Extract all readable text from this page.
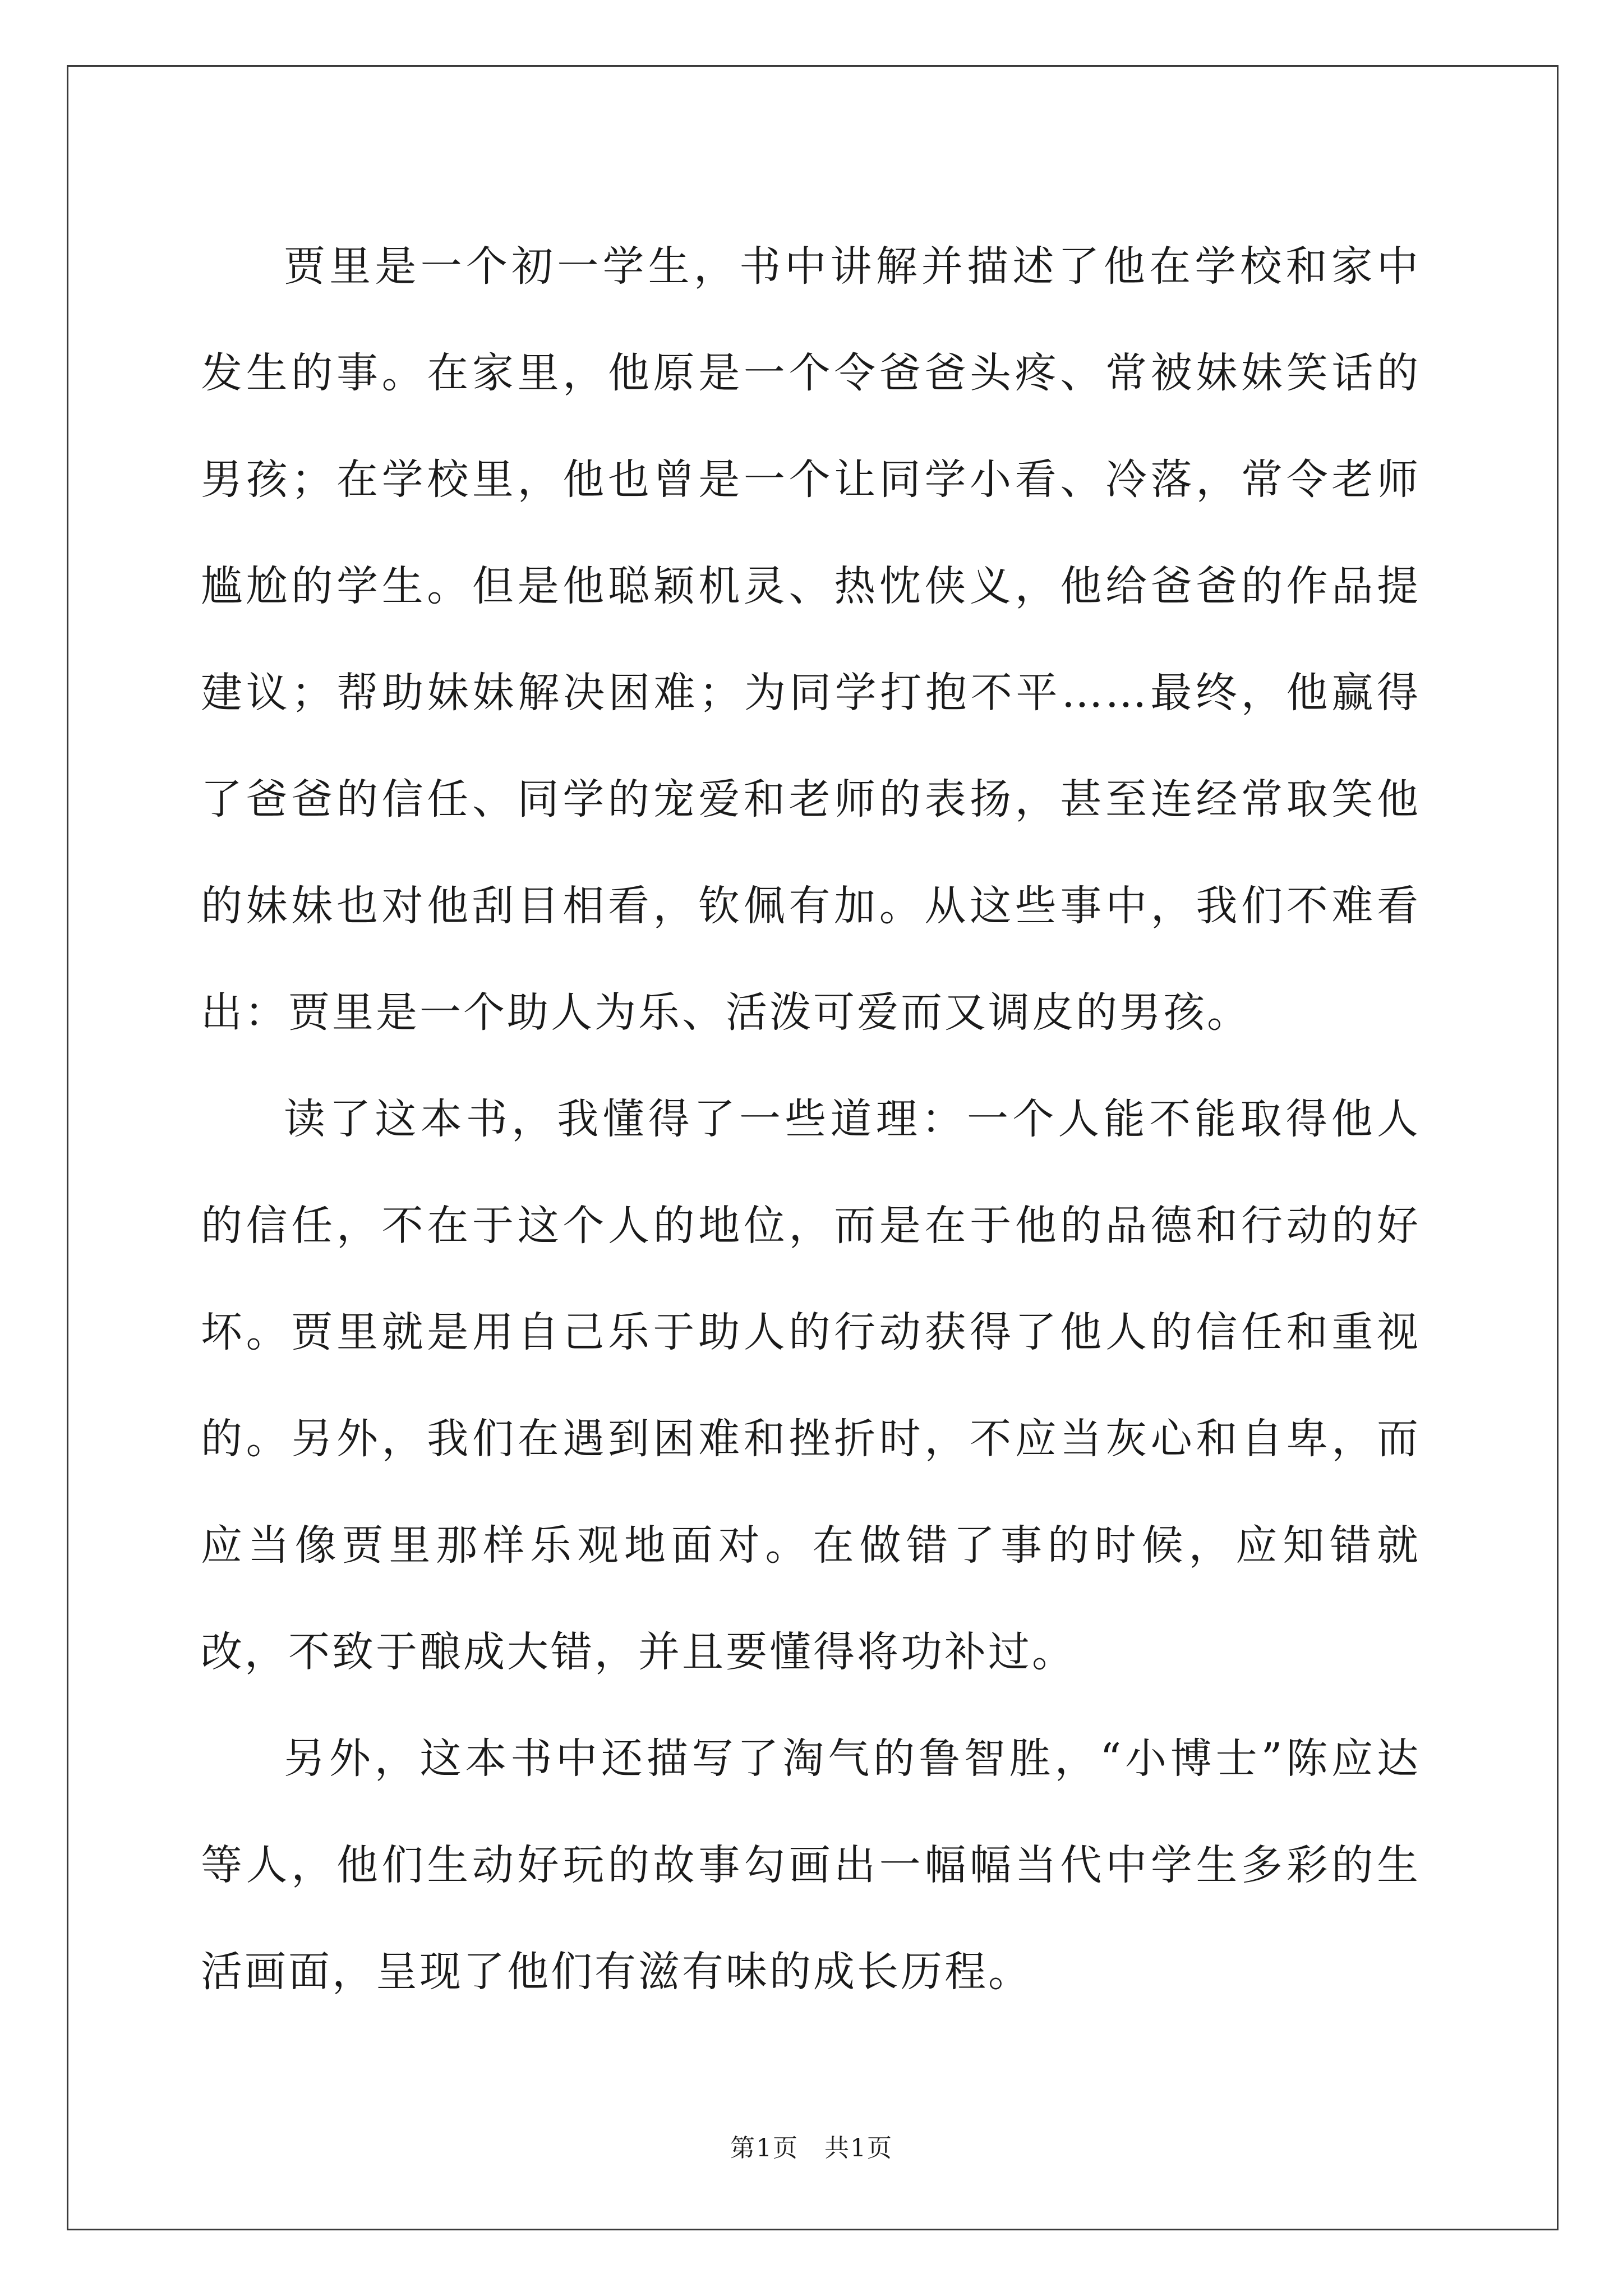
贾里是一个初一学生，书中讲解并描述了他在学校和家中发生的事。在家里，他原是一个令爸爸头疼、常被妹妹笑话的男孩；在学校里，他也曾是一个让同学小看、冷落，常令老师尴尬的学生。但是他聪颖机灵、热忱侠义，他给爸爸的作品提建议；帮助妹妹解决困难；为同学打抱不平……最终，他赢得了爸爸的信任、同学的宠爱和老师的表扬，甚至连经常取笑他的妹妹也对他刮目相看，钦佩有加。从这些事中，我们不难看出：贾里是一个助人为乐、活泼可爱而又调皮的男孩。

读了这本书，我懂得了一些道理：一个人能不能取得他人的信任，不在于这个人的地位，而是在于他的品德和行动的好坏。贾里就是用自己乐于助人的行动获得了他人的信任和重视的。另外，我们在遇到困难和挫折时，不应当灰心和自卑，而应当像贾里那样乐观地面对。在做错了事的时候，应知错就改，不致于酿成大错，并且要懂得将功补过。

另外，这本书中还描写了淘气的鲁智胜，“小博士”陈应达等人，他们生动好玩的故事勾画出一幅幅当代中学生多彩的生活画面，呈现了他们有滋有味的成长历程。

第1页　共1页
